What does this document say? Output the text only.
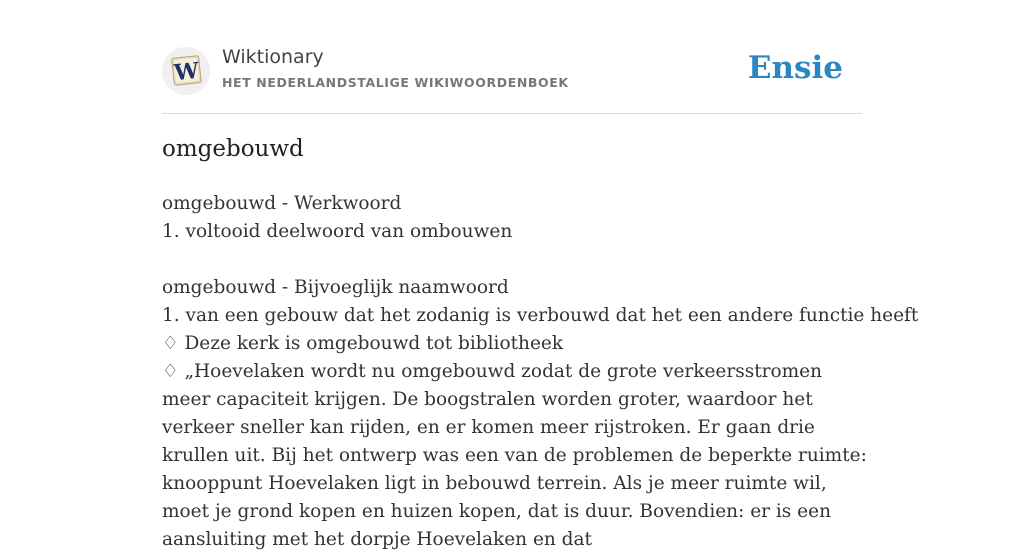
W
Wiktionary
HET NEDERLANDSTALIGE WIKIWOORDENBOEK	Ensie
omgebouwd
omgebouwd - Werkwoord
1. voltooid deelwoord van ombouwen
omgebouwd - Bijvoeglijk naamwoord
1. van een gebouw dat het zodanig is verbouwd dat het een andere functie heeft
♢ Deze kerk is omgebouwd tot bibliotheek
♢ „Hoevelaken wordt nu omgebouwd zodat de grote verkeersstromen meer capaciteit krijgen. De boogstralen worden groter, waardoor het verkeer sneller kan rijden, en er komen meer rijstroken. Er gaan drie krullen uit. Bij het ontwerp was een van de problemen de beperkte ruimte: knooppunt Hoevelaken ligt in bebouwd terrein. Als je meer ruimte wil, moet je grond kopen en huizen kopen, dat is duur. Bovendien: er is een aansluiting met het dorpje Hoevelaken en dat
